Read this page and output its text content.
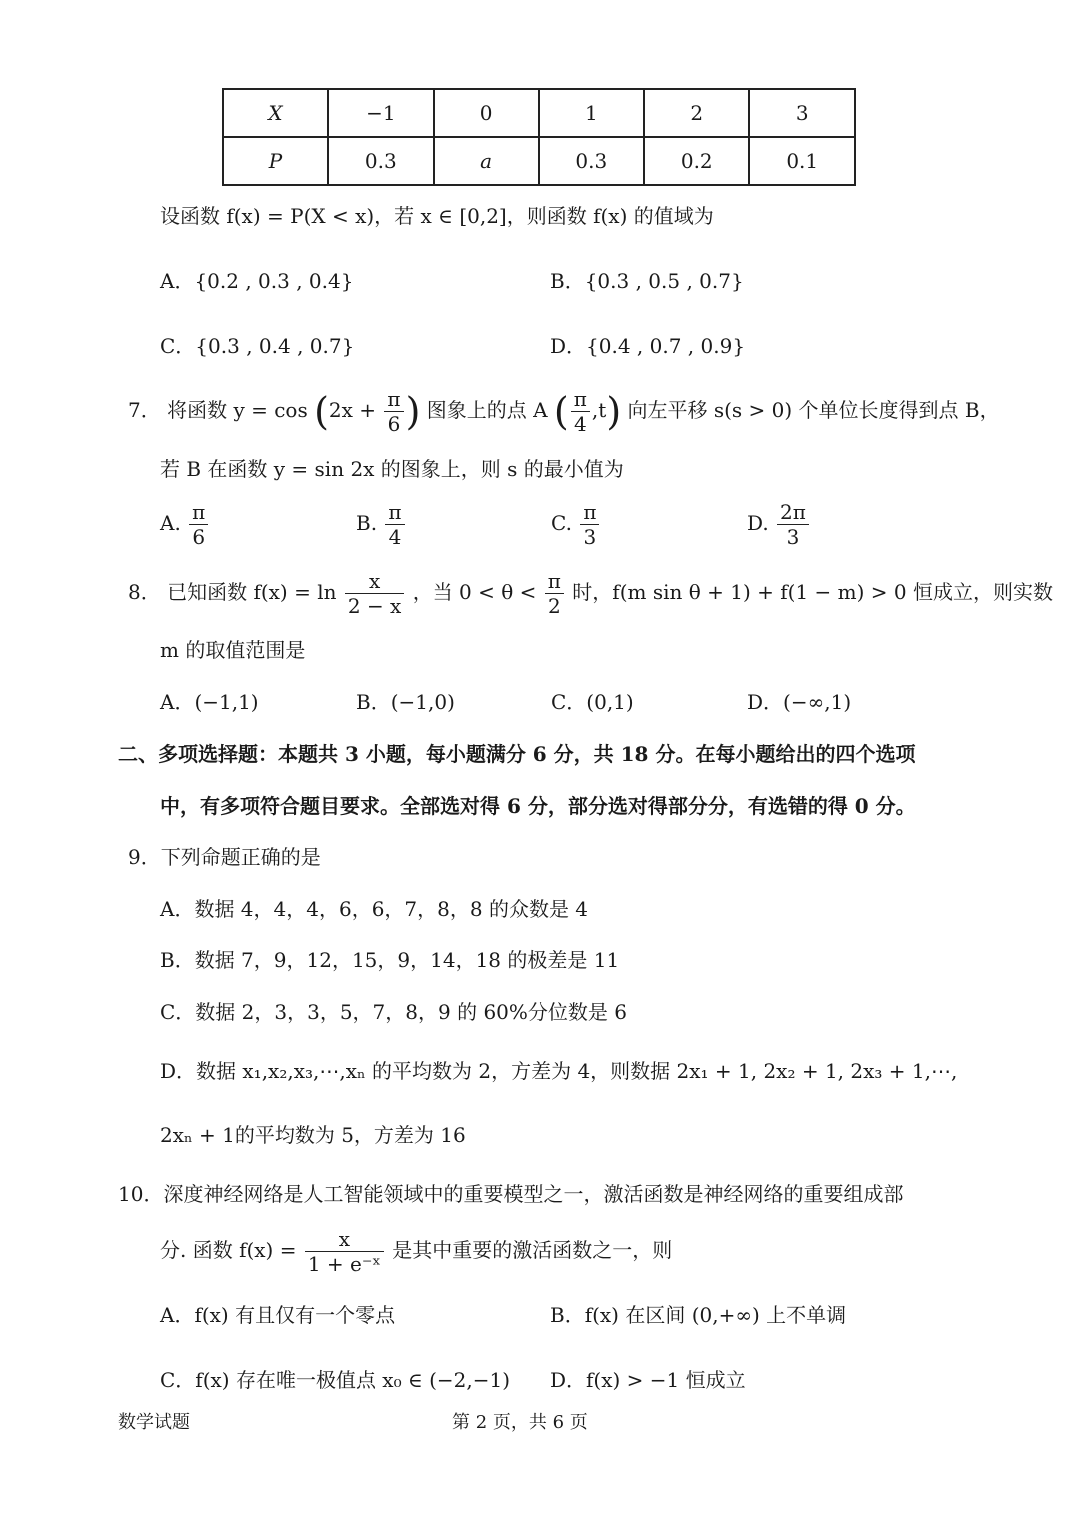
X	−1	0	1	2	3
P	0.3	a	0.3	0.2	0.1
设函数 f(x) = P(X < x)，若 x ∈ [0,2]，则函数 f(x) 的值域为
A．{0.2 , 0.3 , 0.4}	B．{0.3 , 0.5 , 0.7}
C．{0.3 , 0.4 , 0.7}	D．{0.4 , 0.7 , 0.9}
7． 将函数 $y = \cos (2x + \frac{\pi}{6}$ ) 图象上的点 A ( $\frac{\pi}{4} ,t$) 向左平移 s(s > 0) 个单位长度得到点 B，
若 B 在函数 y = sin 2x 的图象上，则 s 的最小值为
A. $\frac{\pi}{6}$	B. $\frac{\pi}{4}$	C. $\frac{\pi}{3}$	D. $\frac{2\pi}{3}$
8． 已知函数 $f(x) = \ln \frac{x}{2 - x}$ ，当 $0 < \theta < \frac{\pi}{2}$ 时，f(m sin θ + 1) + f(1 − m) > 0 恒成立，则实数
m 的取值范围是
A．(−1,1)	B．(−1,0)	C．(0,1)	D．(−∞,1)
二、多项选择题：本题共 3 小题，每小题满分 6 分，共 18 分。在每小题给出的四个选项
中，有多项符合题目要求。全部选对得 6 分，部分选对得部分分，有选错的得 0 分。
9．下列命题正确的是
A．数据 4，4，4，6，6，7，8，8 的众数是 4
B．数据 7，9，12，15，9，14，18 的极差是 11
C．数据 2，3，3，5，7，8，9 的 60%分位数是 6
D．数据 x₁,x₂,x₃,⋯,xₙ 的平均数为 2，方差为 4，则数据 2x₁ + 1, 2x₂ + 1, 2x₃ + 1,⋯,
2xₙ + 1的平均数为 5，方差为 16
10．深度神经网络是人工智能领域中的重要模型之一，激活函数是神经网络的重要组成部
分. 函数 $f(x) = \frac{x}{\text{1 + e⁻ˣ}}$ 是其中重要的激活函数之一，则
A．f(x) 有且仅有一个零点	B．f(x) 在区间 (0,+∞) 上不单调
C．f(x) 存在唯一极值点 x₀ ∈ (−2,−1) D．f(x) > −1 恒成立
数学试题	第 2 页，共 6 页
